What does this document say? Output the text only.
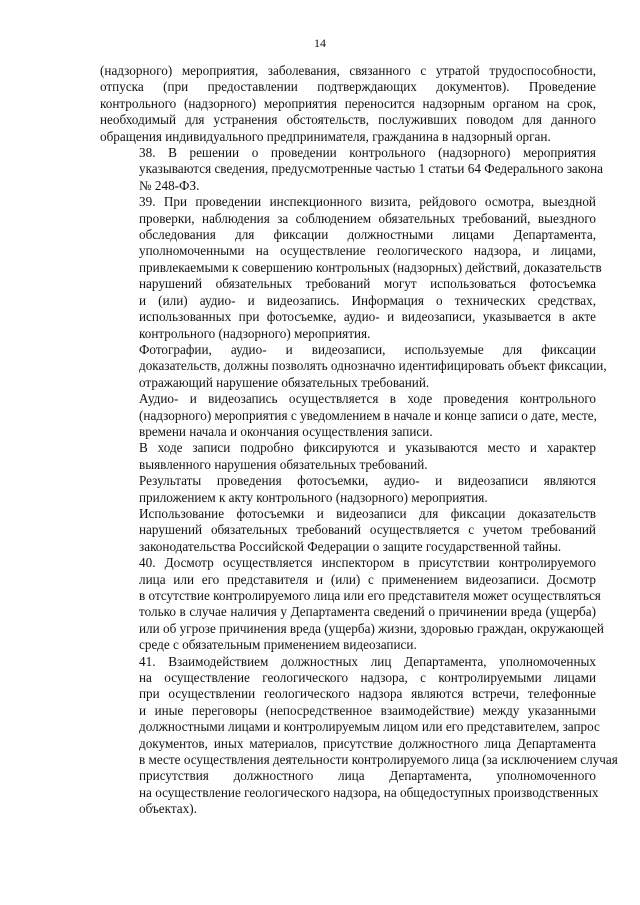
14

(надзорного) мероприятия, заболевания, связанного с утратой трудоспособности,
отпуска (при предоставлении подтверждающих документов). Проведение
контрольного (надзорного) мероприятия переносится надзорным органом на срок,
необходимый для устранения обстоятельств, послуживших поводом для данного
обращения индивидуального предпринимателя, гражданина в надзорный орган.

38. В решении о проведении контрольного (надзорного) мероприятия
указываются сведения, предусмотренные частью 1 статьи 64 Федерального закона
№ 248-ФЗ.

39. При проведении инспекционного визита, рейдового осмотра, выездной
проверки, наблюдения за соблюдением обязательных требований, выездного
обследования для фиксации должностными лицами Департамента,
уполномоченными на осуществление геологического надзора, и лицами,
привлекаемыми к совершению контрольных (надзорных) действий, доказательств
нарушений обязательных требований могут использоваться фотосъемка
и (или) аудио- и видеозапись. Информация о технических средствах,
использованных при фотосъемке, аудио- и видеозаписи, указывается в акте
контрольного (надзорного) мероприятия.

Фотографии, аудио- и видеозаписи, используемые для фиксации
доказательств, должны позволять однозначно идентифицировать объект фиксации,
отражающий нарушение обязательных требований.

Аудио- и видеозапись осуществляется в ходе проведения контрольного
(надзорного) мероприятия с уведомлением в начале и конце записи о дате, месте,
времени начала и окончания осуществления записи.

В ходе записи подробно фиксируются и указываются место и характер
выявленного нарушения обязательных требований.

Результаты проведения фотосъемки, аудио- и видеозаписи являются
приложением к акту контрольного (надзорного) мероприятия.

Использование фотосъемки и видеозаписи для фиксации доказательств
нарушений обязательных требований осуществляется с учетом требований
законодательства Российской Федерации о защите государственной тайны.

40. Досмотр осуществляется инспектором в присутствии контролируемого
лица или его представителя и (или) с применением видеозаписи. Досмотр
в отсутствие контролируемого лица или его представителя может осуществляться
только в случае наличия у Департамента сведений о причинении вреда (ущерба)
или об угрозе причинения вреда (ущерба) жизни, здоровью граждан, окружающей
среде с обязательным применением видеозаписи.

41. Взаимодействием должностных лиц Департамента, уполномоченных
на осуществление геологического надзора, с контролируемыми лицами
при осуществлении геологического надзора являются встречи, телефонные
и иные переговоры (непосредственное взаимодействие) между указанными
должностными лицами и контролируемым лицом или его представителем, запрос
документов, иных материалов, присутствие должностного лица Департамента
в месте осуществления деятельности контролируемого лица (за исключением случая
присутствия должностного лица Департамента, уполномоченного
на осуществление геологического надзора, на общедоступных производственных
объектах).
